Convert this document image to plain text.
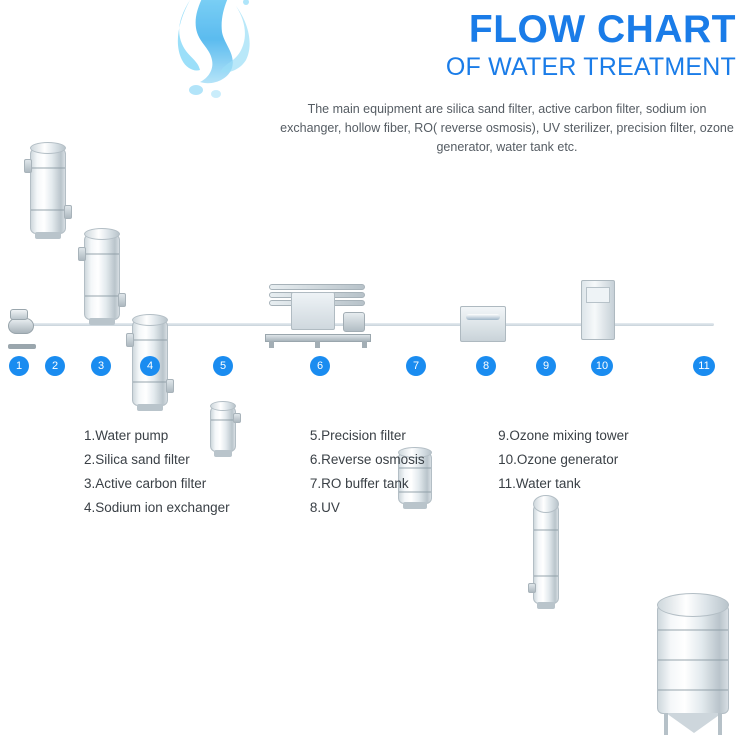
FLOW CHART
OF WATER TREATMENT
The main equipment are silica sand filter, active carbon filter, sodium ion exchanger, hollow fiber, RO( reverse osmosis), UV sterilizer, precision filter, ozone generator, water tank etc.
1	2	3	4	5	6	7	8	9	10	11
1.Water pump
2.Silica sand filter
3.Active carbon filter
4.Sodium ion exchanger
5.Precision filter
6.Reverse osmosis
7.RO buffer tank
8.UV
9.Ozone mixing tower
10.Ozone generator
11.Water tank
